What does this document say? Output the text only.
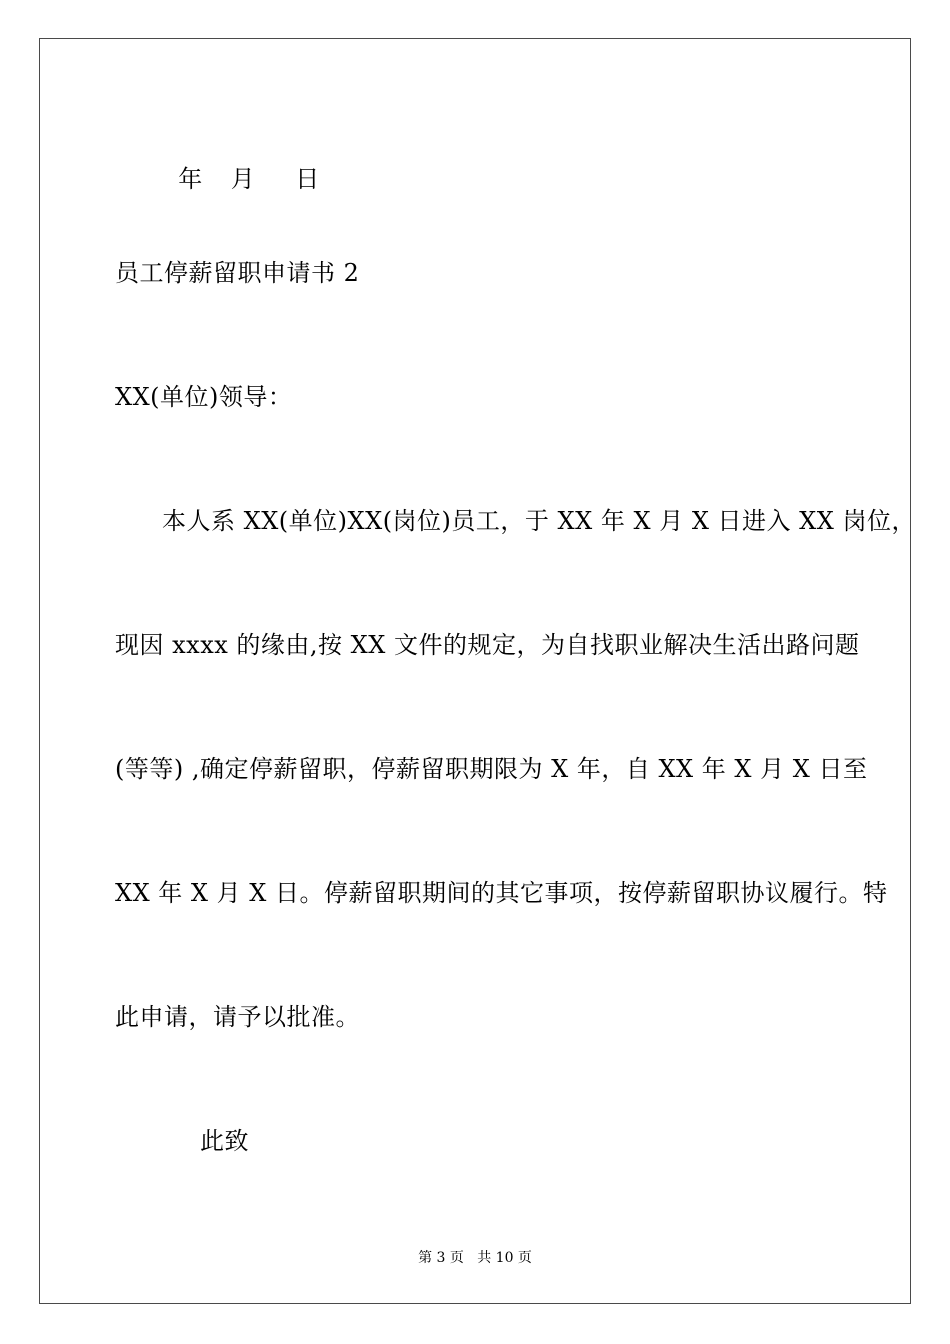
年 月 日

员工停薪留职申请书 2
XX(单位)领导：
本人系 XX(单位)XX(岗位)员工，于 XX 年 X 月 X 日进入 XX 岗位，
现因 xxxx 的缘由,按 XX 文件的规定，为自找职业解决生活出路问题
(等等) ,确定停薪留职，停薪留职期限为 X 年，自 XX 年 X 月 X 日至
XX 年 X 月 X 日。停薪留职期间的其它事项，按停薪留职协议履行。特
此申请，请予以批准。
此致
第 3 页   共 10 页
